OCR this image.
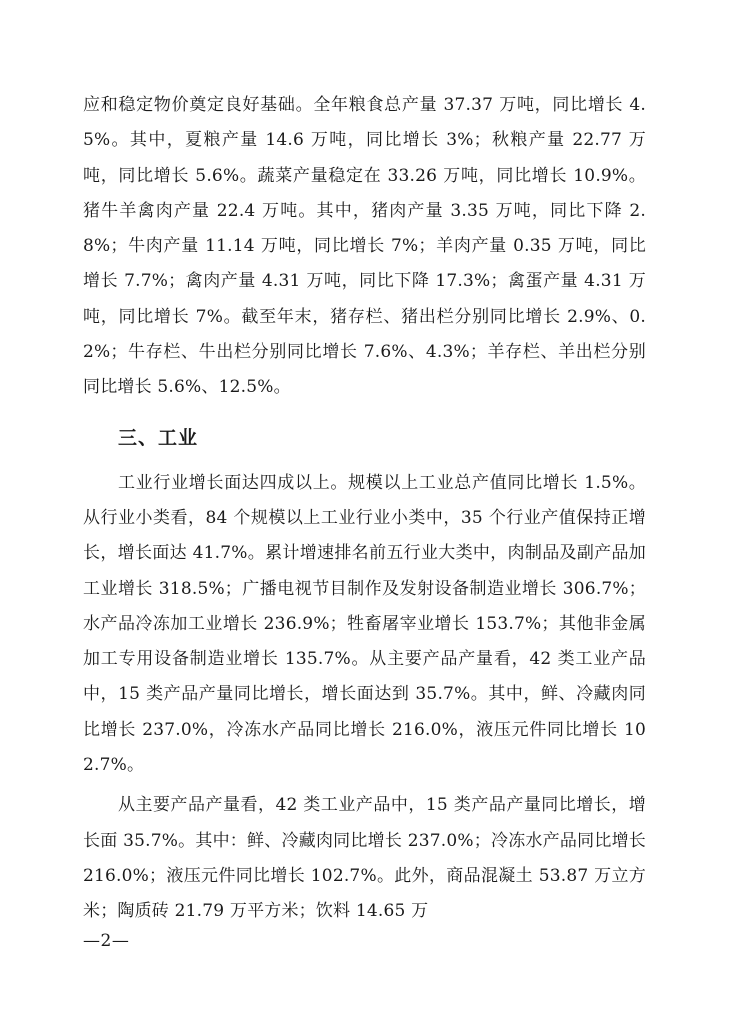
应和稳定物价奠定良好基础。全年粮食总产量 37.37 万吨，同比增长 4.5%。其中，夏粮产量 14.6 万吨，同比增长 3%；秋粮产量 22.77 万吨，同比增长 5.6%。蔬菜产量稳定在 33.26 万吨，同比增长 10.9%。猪牛羊禽肉产量 22.4 万吨。其中，猪肉产量 3.35 万吨，同比下降 2.8%；牛肉产量 11.14 万吨，同比增长 7%；羊肉产量 0.35 万吨，同比增长 7.7%；禽肉产量 4.31 万吨，同比下降 17.3%；禽蛋产量 4.31 万吨，同比增长 7%。截至年末，猪存栏、猪出栏分别同比增长 2.9%、0.2%；牛存栏、牛出栏分别同比增长 7.6%、4.3%；羊存栏、羊出栏分别同比增长 5.6%、12.5%。

三、工业

工业行业增长面达四成以上。规模以上工业总产值同比增长 1.5%。从行业小类看，84 个规模以上工业行业小类中，35 个行业产值保持正增长，增长面达 41.7%。累计增速排名前五行业大类中，肉制品及副产品加工业增长 318.5%；广播电视节目制作及发射设备制造业增长 306.7%；水产品冷冻加工业增长 236.9%；牲畜屠宰业增长 153.7%；其他非金属加工专用设备制造业增长 135.7%。从主要产品产量看，42 类工业产品中，15 类产品产量同比增长，增长面达到 35.7%。其中，鲜、冷藏肉同比增长 237.0%，冷冻水产品同比增长 216.0%，液压元件同比增长 102.7%。

从主要产品产量看，42 类工业产品中，15 类产品产量同比增长，增长面 35.7%。其中：鲜、冷藏肉同比增长 237.0%；冷冻水产品同比增长 216.0%；液压元件同比增长 102.7%。此外，商品混凝土 53.87 万立方米；陶质砖 21.79 万平方米；饮料 14.65 万

—2—
